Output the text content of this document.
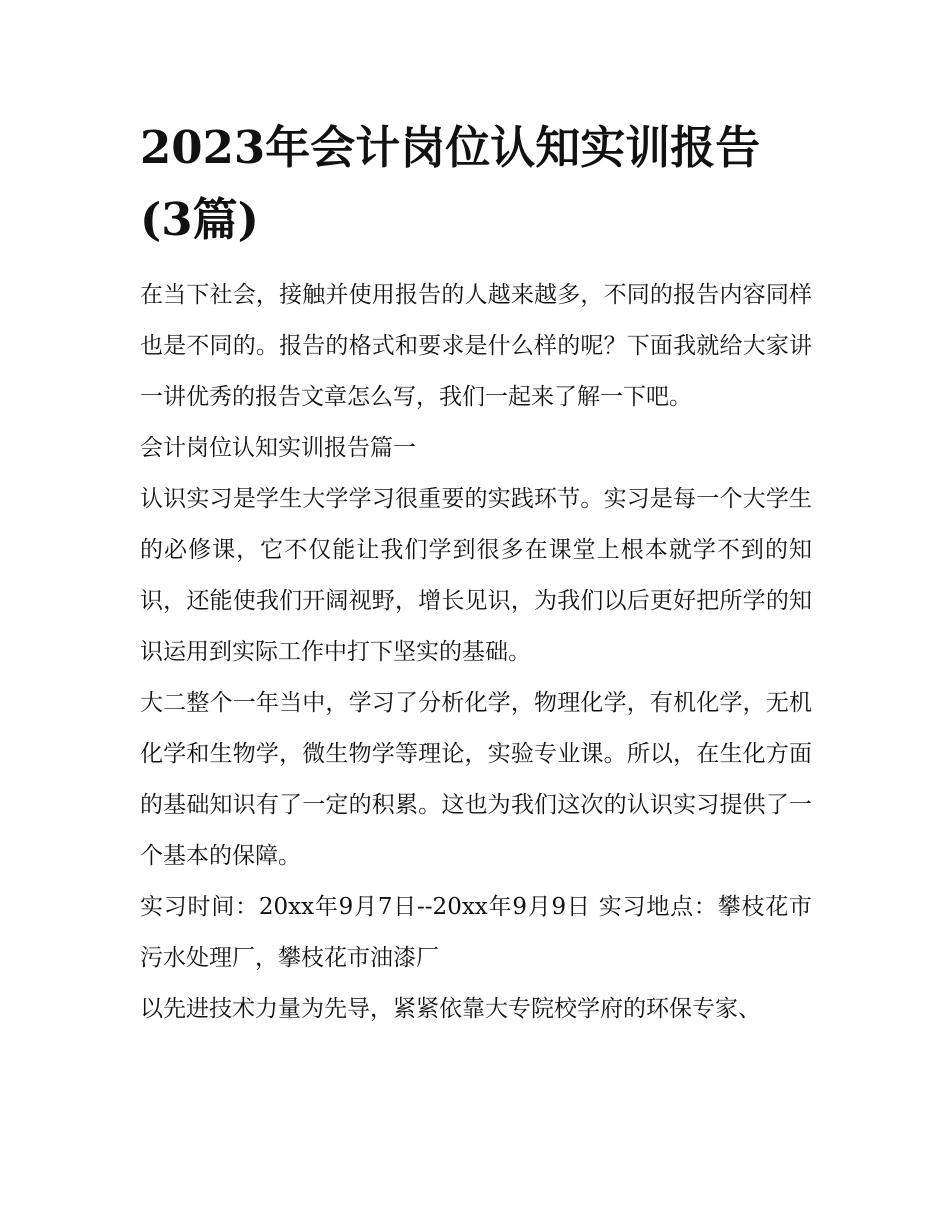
2023年会计岗位认知实训报告(3篇)

在当下社会，接触并使用报告的人越来越多，不同的报告内容同样也是不同的。报告的格式和要求是什么样的呢？下面我就给大家讲一讲优秀的报告文章怎么写，我们一起来了解一下吧。

会计岗位认知实训报告篇一

认识实习是学生大学学习很重要的实践环节。实习是每一个大学生的必修课，它不仅能让我们学到很多在课堂上根本就学不到的知识，还能使我们开阔视野，增长见识，为我们以后更好把所学的知识运用到实际工作中打下坚实的基础。

大二整个一年当中，学习了分析化学，物理化学，有机化学，无机化学和生物学，微生物学等理论，实验专业课。所以，在生化方面的基础知识有了一定的积累。这也为我们这次的认识实习提供了一个基本的保障。

实习时间：20xx年9月7日--20xx年9月9日 实习地点：攀枝花市污水处理厂，攀枝花市油漆厂

以先进技术力量为先导，紧紧依靠大专院校学府的环保专家、
